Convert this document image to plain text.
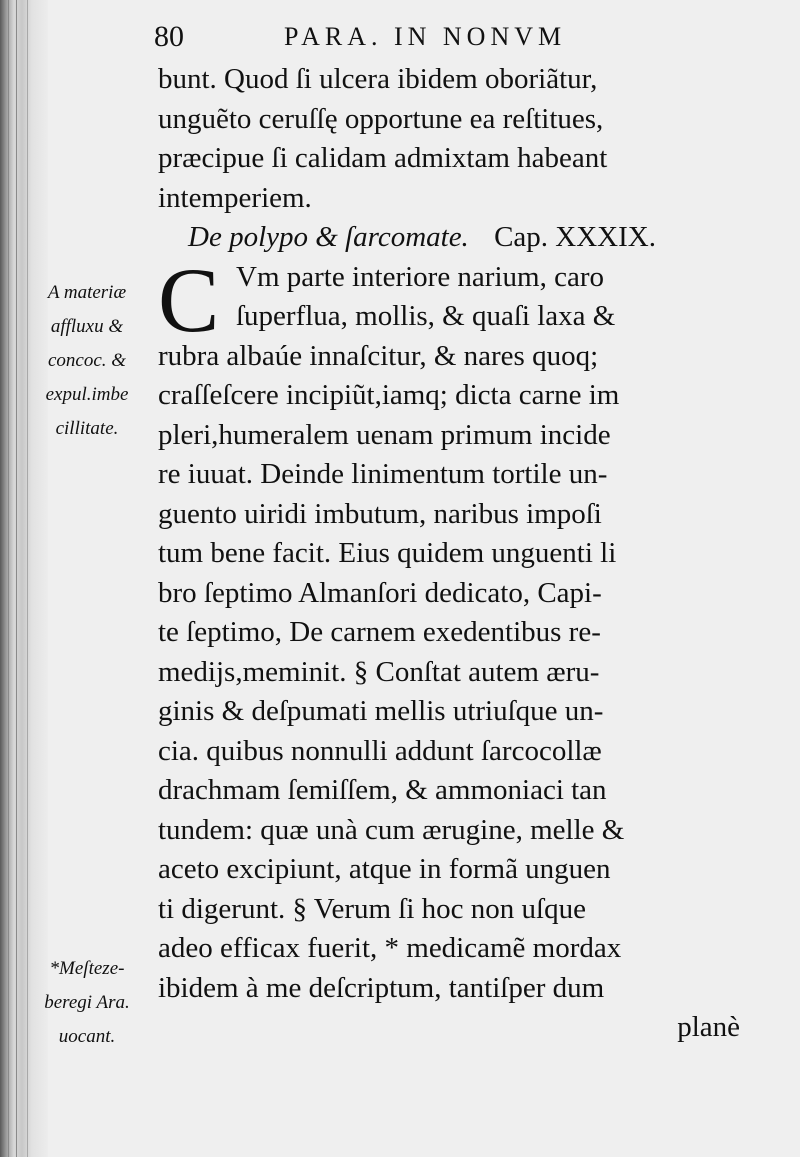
80	PARA. IN NONVM
bunt. Quod ſi ulcera ibidem oboriãtur,
unguẽto ceruſſę opportune ea reſtitues,
præcipue ſi calidam admixtam habeant
intemperiem.
De polypo & ſarcomate. Cap. XXXIX.
C Vm parte interiore narium, caro
ſuperflua, mollis, & quaſi laxa &
rubra albaúe innaſcitur, & nares quoq;
craſſeſcere incipiũt,iamq; dicta carne im
pleri,humeralem uenam primum incide
re iuuat. Deinde linimentum tortile un-
guento uiridi imbutum, naribus impoſi
tum bene facit. Eius quidem unguenti li
bro ſeptimo Almanſori dedicato, Capi-
te ſeptimo, De carnem exedentibus re-
medijs,meminit. § Conſtat autem æru-
ginis & deſpumati mellis utriuſque un-
cia. quibus nonnulli addunt ſarcocollæ
drachmam ſemiſſem, & ammoniaci tan
tundem: quæ unà cum ærugine, melle &
aceto excipiunt, atque in formã unguen
ti digerunt. § Verum ſi hoc non uſque
adeo efficax fuerit, * medicamẽ mordax
ibidem à me deſcriptum, tantiſper dum
planè
A materiæ
affluxu &
concoc. &
expul.imbe
cillitate.
*Meſteze-
beregi Ara.
uocant.
